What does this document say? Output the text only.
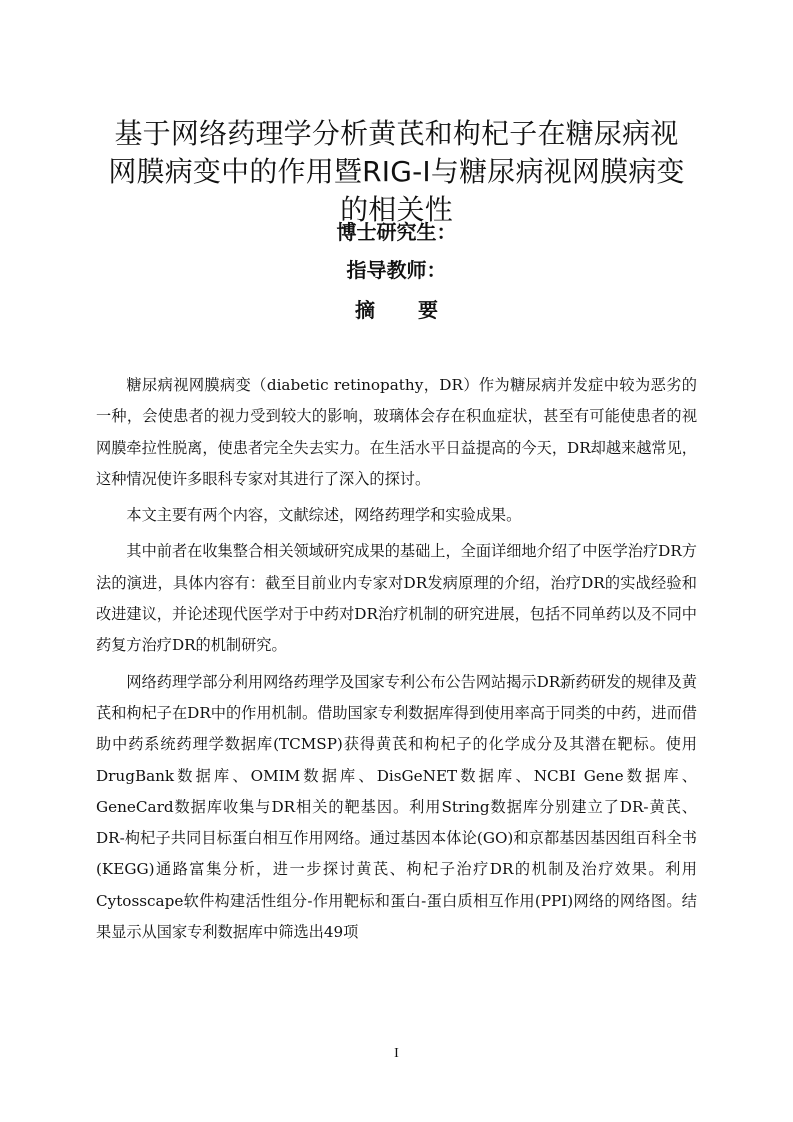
基于网络药理学分析黄芪和枸杞子在糖尿病视
网膜病变中的作用暨RIG-I与糖尿病视网膜病变
的相关性
博士研究生：
指导教师：
摘 要

糖尿病视网膜病变（diabetic retinopathy，DR）作为糖尿病并发症中较为恶劣的一种，会使患者的视力受到较大的影响，玻璃体会存在积血症状，甚至有可能使患者的视网膜牵拉性脱离，使患者完全失去实力。在生活水平日益提高的今天，DR却越来越常见，这种情况使许多眼科专家对其进行了深入的探讨。

本文主要有两个内容，文献综述，网络药理学和实验成果。

其中前者在收集整合相关领域研究成果的基础上，全面详细地介绍了中医学治疗DR方法的演进，具体内容有：截至目前业内专家对DR发病原理的介绍，治疗DR的实战经验和改进建议，并论述现代医学对于中药对DR治疗机制的研究进展，包括不同单药以及不同中药复方治疗DR的机制研究。

网络药理学部分利用网络药理学及国家专利公布公告网站揭示DR新药研发的规律及黄芪和枸杞子在DR中的作用机制。借助国家专利数据库得到使用率高于同类的中药，进而借助中药系统药理学数据库(TCMSP)获得黄芪和枸杞子的化学成分及其潜在靶标。使用DrugBank数据库、OMIM数据库、DisGeNET数据库、NCBI Gene数据库、GeneCard数据库收集与DR相关的靶基因。利用String数据库分别建立了DR-黄芪、DR-枸杞子共同目标蛋白相互作用网络。通过基因本体论(GO)和京都基因基因组百科全书(KEGG)通路富集分析，进一步探讨黄芪、枸杞子治疗DR的机制及治疗效果。利用Cytosscape软件构建活性组分-作用靶标和蛋白-蛋白质相互作用(PPI)网络的网络图。结果显示从国家专利数据库中筛选出49项

I
